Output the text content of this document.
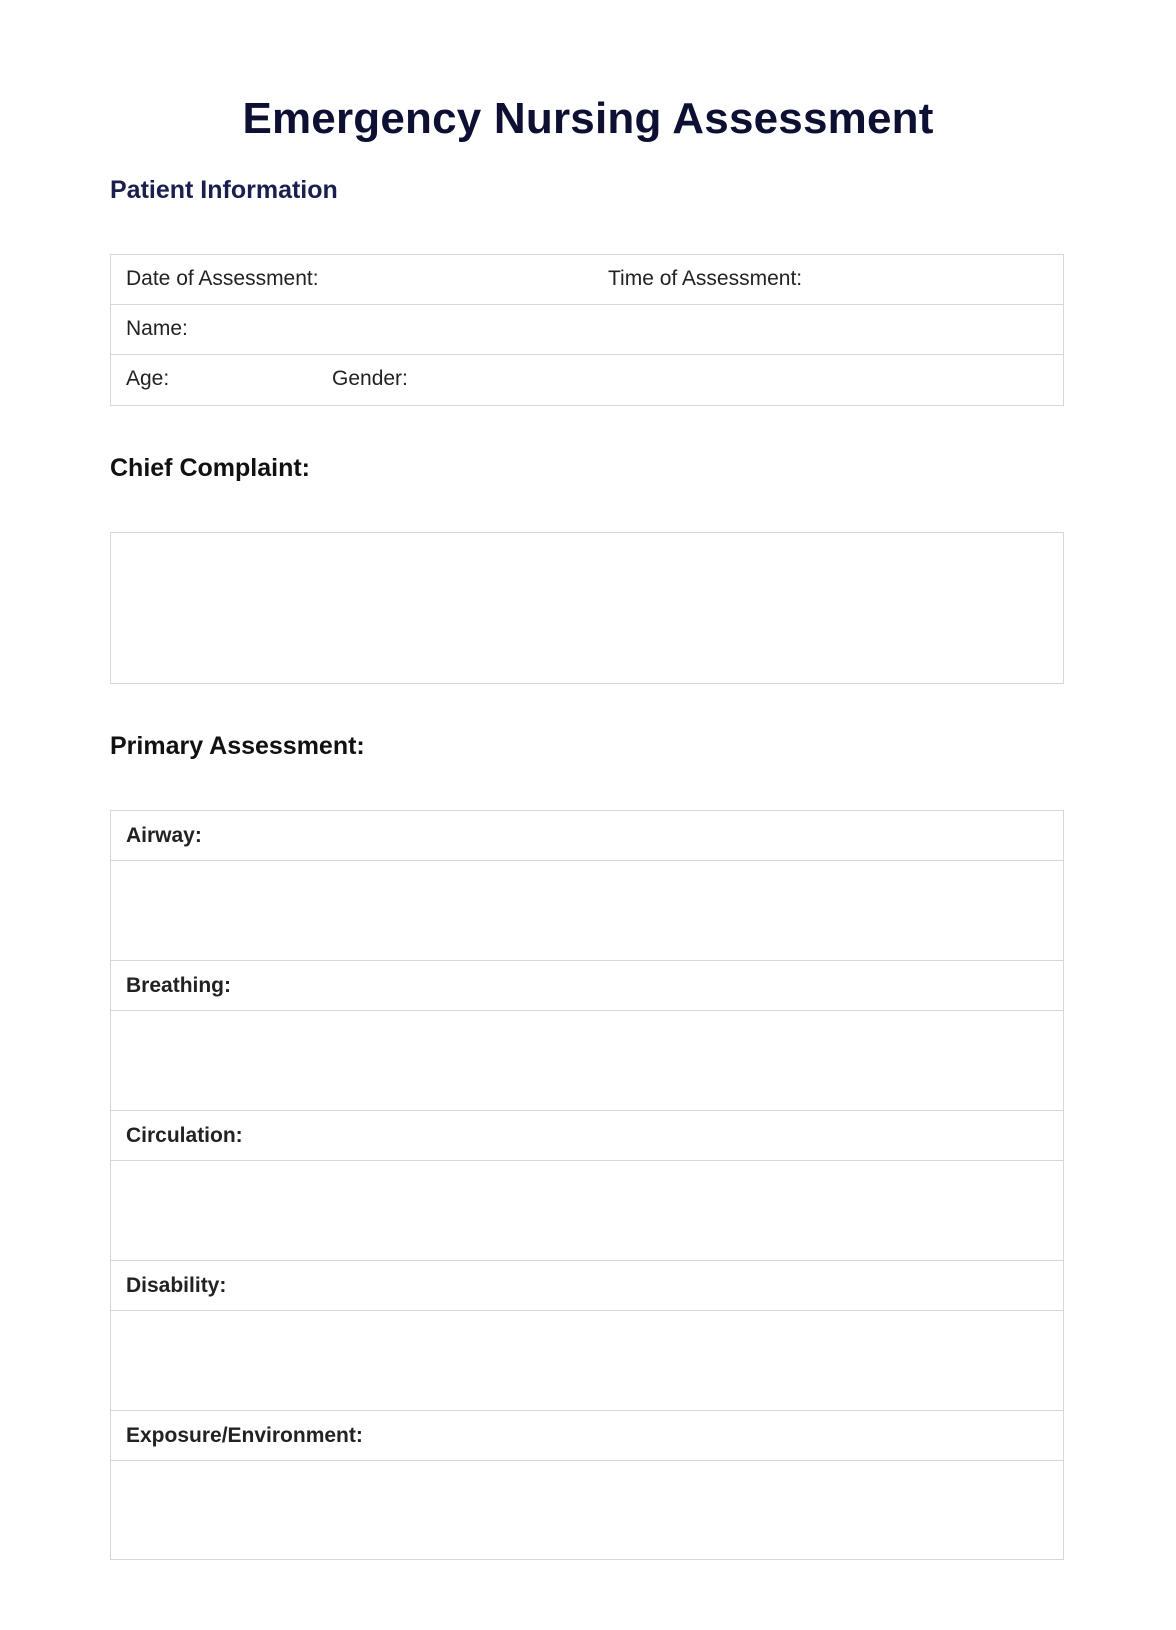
Emergency Nursing Assessment
Patient Information
Date of Assessment:	Time of Assessment:
Name:
Age:	Gender:
Chief Complaint:
Primary Assessment:
Airway:
Breathing:
Circulation:
Disability:
Exposure/Environment:
